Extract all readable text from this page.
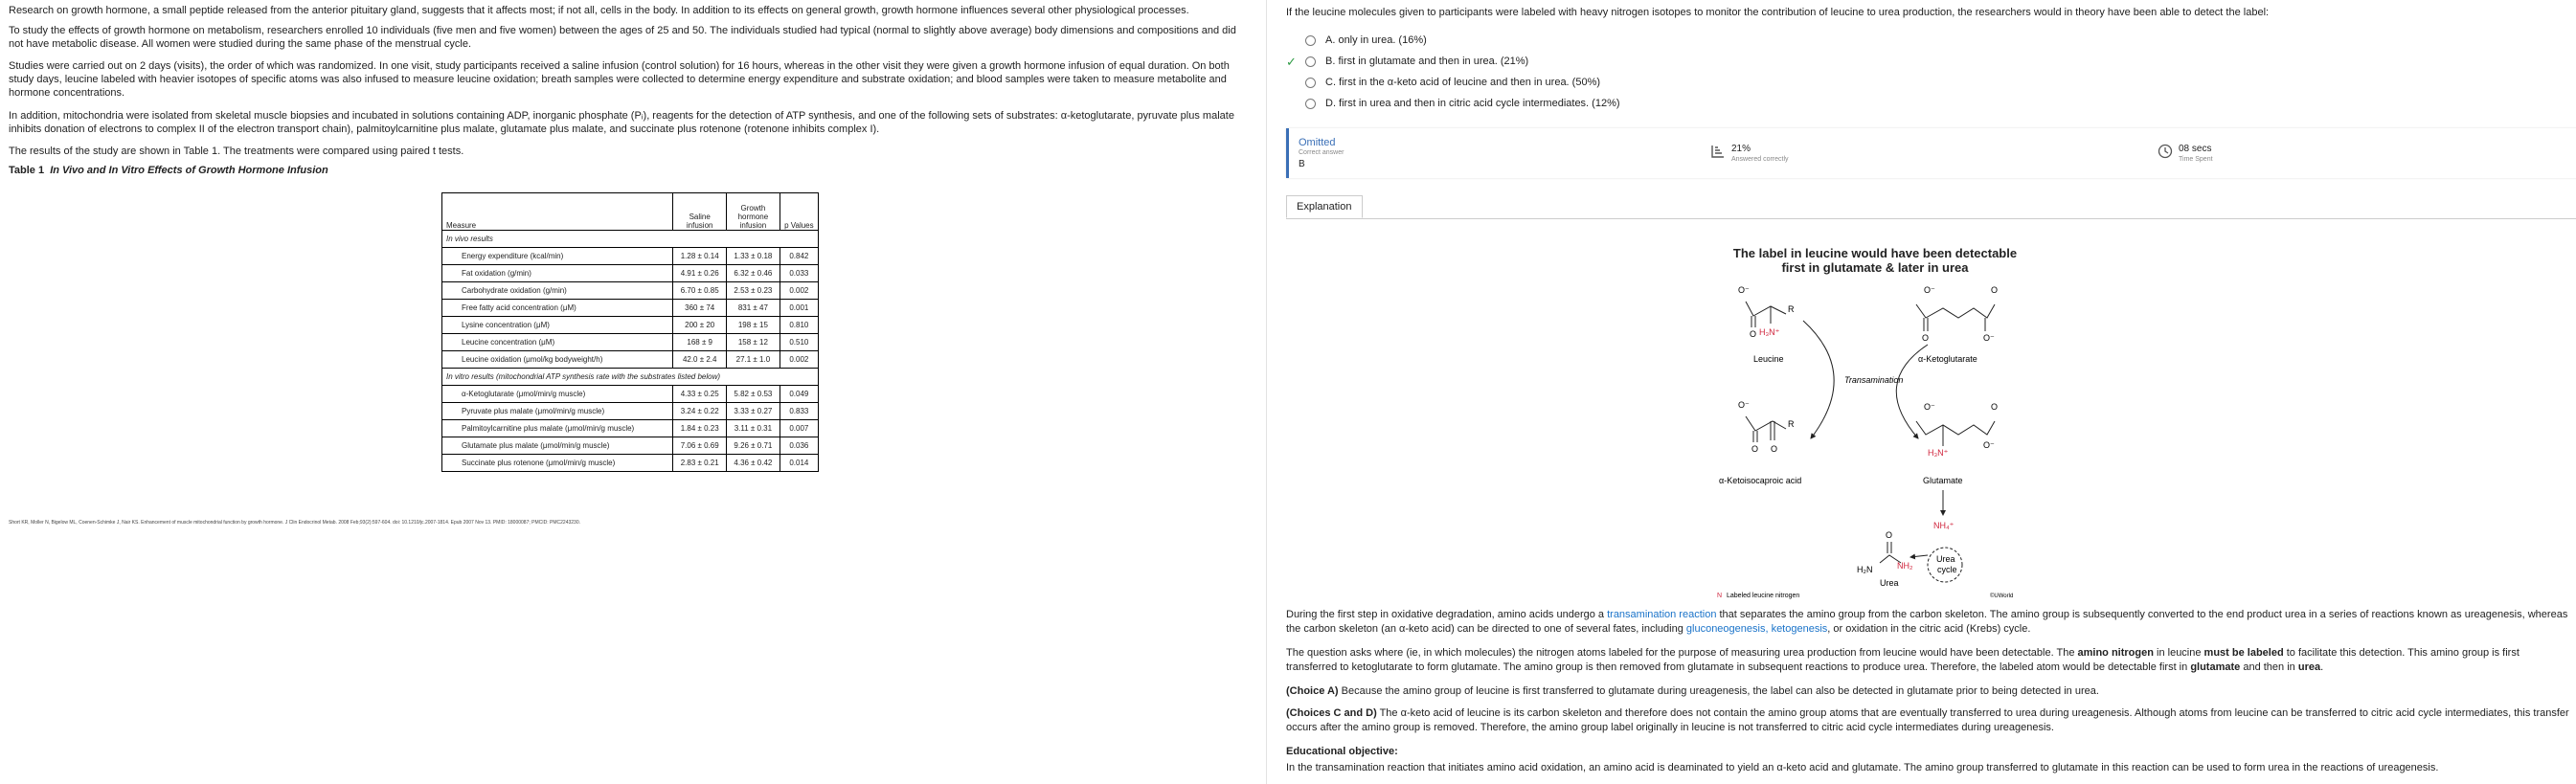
Research on growth hormone, a small peptide released from the anterior pituitary gland, suggests that it affects most; if not all, cells in the body. In addition to its effects on general growth, growth hormone influences several other physiological processes.

To study the effects of growth hormone on metabolism, researchers enrolled 10 individuals (five men and five women) between the ages of 25 and 50. The individuals studied had typical (normal to slightly above average) body dimensions and compositions and did not have metabolic disease. All women were studied during the same phase of the menstrual cycle.

Studies were carried out on 2 days (visits), the order of which was randomized. In one visit, study participants received a saline infusion (control solution) for 16 hours, whereas in the other visit they were given a growth hormone infusion of equal duration. On both study days, leucine labeled with heavier isotopes of specific atoms was also infused to measure leucine oxidation; breath samples were collected to determine energy expenditure and substrate oxidation; and blood samples were taken to measure metabolite and hormone concentrations.

In addition, mitochondria were isolated from skeletal muscle biopsies and incubated in solutions containing ADP, inorganic phosphate (Pᵢ), reagents for the detection of ATP synthesis, and one of the following sets of substrates: α-ketoglutarate, pyruvate plus malate inhibits donation of electrons to complex II of the electron transport chain), palmitoylcarnitine plus malate, glutamate plus malate, and succinate plus rotenone (rotenone inhibits complex I).

The results of the study are shown in Table 1. The treatments were compared using paired t tests.

Table 1 In Vivo and In Vitro Effects of Growth Hormone Infusion
Measure	Saline infusion	Growth hormone infusion	p Values
In vivo results			
Energy expenditure (kcal/min)	1.28 ± 0.14	1.33 ± 0.18	0.842
Fat oxidation (g/min)	4.91 ± 0.26	6.32 ± 0.46	0.033
Carbohydrate oxidation (g/min)	6.70 ± 0.85	2.53 ± 0.23	0.002
Free fatty acid concentration (μM)	360 ± 74	831 ± 47	0.001
Lysine concentration (μM)	200 ± 20	198 ± 15	0.810
Leucine concentration (μM)	168 ± 9	158 ± 12	0.510
Leucine oxidation (μmol/kg bodyweight/h)	42.0 ± 2.4	27.1 ± 1.0	0.002
In vitro results (mitochondrial ATP synthesis rate with the substrates listed below)			
α-Ketoglutarate (μmol/min/g muscle)	4.33 ± 0.25	5.82 ± 0.53	0.049
Pyruvate plus malate (μmol/min/g muscle)	3.24 ± 0.22	3.33 ± 0.27	0.833
Palmitoylcarnitine plus malate (μmol/min/g muscle)	1.84 ± 0.23	3.11 ± 0.31	0.007
Glutamate plus malate (μmol/min/g muscle)	7.06 ± 0.69	9.26 ± 0.71	0.036
Succinate plus rotenone (μmol/min/g muscle)	2.83 ± 0.21	4.36 ± 0.42	0.014
Short KR, Moller N, Bigelow ML, Coenen-Schimke J, Nair KS. Enhancement of muscle mitochondrial function by growth hormone. J Clin Endocrinol Metab. 2008 Feb;93(2):597-604. doi: 10.1210/jc.2007-1814. Epub 2007 Nov 13. PMID: 18000087; PMCID: PMC2243230.

If the leucine molecules given to participants were labeled with heavy nitrogen isotopes to monitor the contribution of leucine to urea production, the researchers would in theory have been able to detect the label:

✓
A. only in urea. (16%)
B. first in glutamate and then in urea. (21%)
C. first in the α-keto acid of leucine and then in urea. (50%)
D. first in urea and then in citric acid cycle intermediates. (12%)
Omitted
Correct answer
B
21%
Answered correctly
08 secs
Time Spent
Explanation
The label in leucine would have been detectable
first in glutamate & later in urea
O⁻
O
R
H₃N⁺
Leucine
O⁻	O
O	O⁻
α-Ketoglutarate
Transamination
O⁻
O O
R
α-Ketoisocaproic acid
O⁻	O
O⁻
H₃N⁺
Glutamate
NH₄⁺
Urea
cycle
O
H₂N	NH₂
Urea
N Labeled leucine nitrogen	©UWorld

During the first step in oxidative degradation, amino acids undergo a transamination reaction that separates the amino group from the carbon skeleton. The amino group is subsequently converted to the end product urea in a series of reactions known as ureagenesis, whereas the carbon skeleton (an α-keto acid) can be directed to one of several fates, including gluconeogenesis, ketogenesis, or oxidation in the citric acid (Krebs) cycle.

The question asks where (ie, in which molecules) the nitrogen atoms labeled for the purpose of measuring urea production from leucine would have been detectable. The amino nitrogen in leucine must be labeled to facilitate this detection. This amino group is first transferred to ketoglutarate to form glutamate. The amino group is then removed from glutamate in subsequent reactions to produce urea. Therefore, the labeled atom would be detectable first in glutamate and then in urea.

(Choice A) Because the amino group of leucine is first transferred to glutamate during ureagenesis, the label can also be detected in glutamate prior to being detected in urea.

(Choices C and D) The α-keto acid of leucine is its carbon skeleton and therefore does not contain the amino group atoms that are eventually transferred to urea during ureagenesis. Although atoms from leucine can be transferred to citric acid cycle intermediates, this transfer occurs after the amino group is removed. Therefore, the amino group label originally in leucine is not transferred to citric acid cycle intermediates during ureagenesis.

Educational objective:

In the transamination reaction that initiates amino acid oxidation, an amino acid is deaminated to yield an α-keto acid and glutamate. The amino group transferred to glutamate in this reaction can be used to form urea in the reactions of ureagenesis.
